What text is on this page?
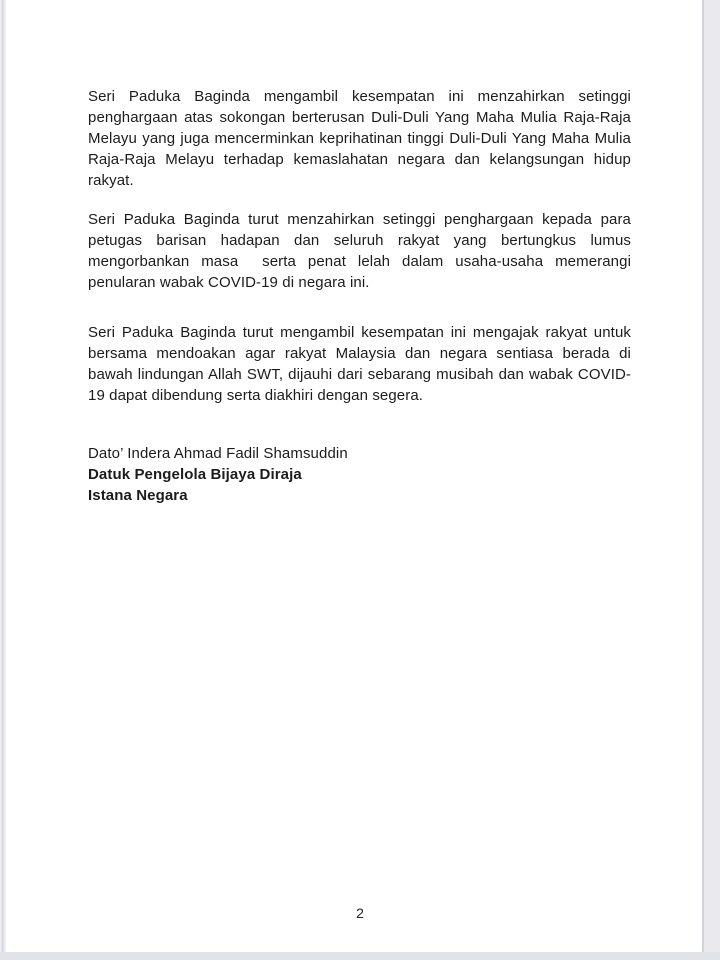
Seri Paduka Baginda mengambil kesempatan ini menzahirkan setinggi
penghargaan atas sokongan berterusan Duli-Duli Yang Maha Mulia Raja-Raja
Melayu yang juga mencerminkan keprihatinan tinggi Duli-Duli Yang Maha Mulia
Raja-Raja Melayu terhadap kemaslahatan negara dan kelangsungan hidup
rakyat.
Seri Paduka Baginda turut menzahirkan setinggi penghargaan kepada para
petugas barisan hadapan dan seluruh rakyat yang bertungkus lumus
mengorbankan masa  serta penat lelah dalam usaha-usaha memerangi
penularan wabak COVID-19 di negara ini.
Seri Paduka Baginda turut mengambil kesempatan ini mengajak rakyat untuk
bersama mendoakan agar rakyat Malaysia dan negara sentiasa berada di
bawah lindungan Allah SWT, dijauhi dari sebarang musibah dan wabak COVID-
19 dapat dibendung serta diakhiri dengan segera.
Dato’ Indera Ahmad Fadil Shamsuddin
Datuk Pengelola Bijaya Diraja
Istana Negara
2
